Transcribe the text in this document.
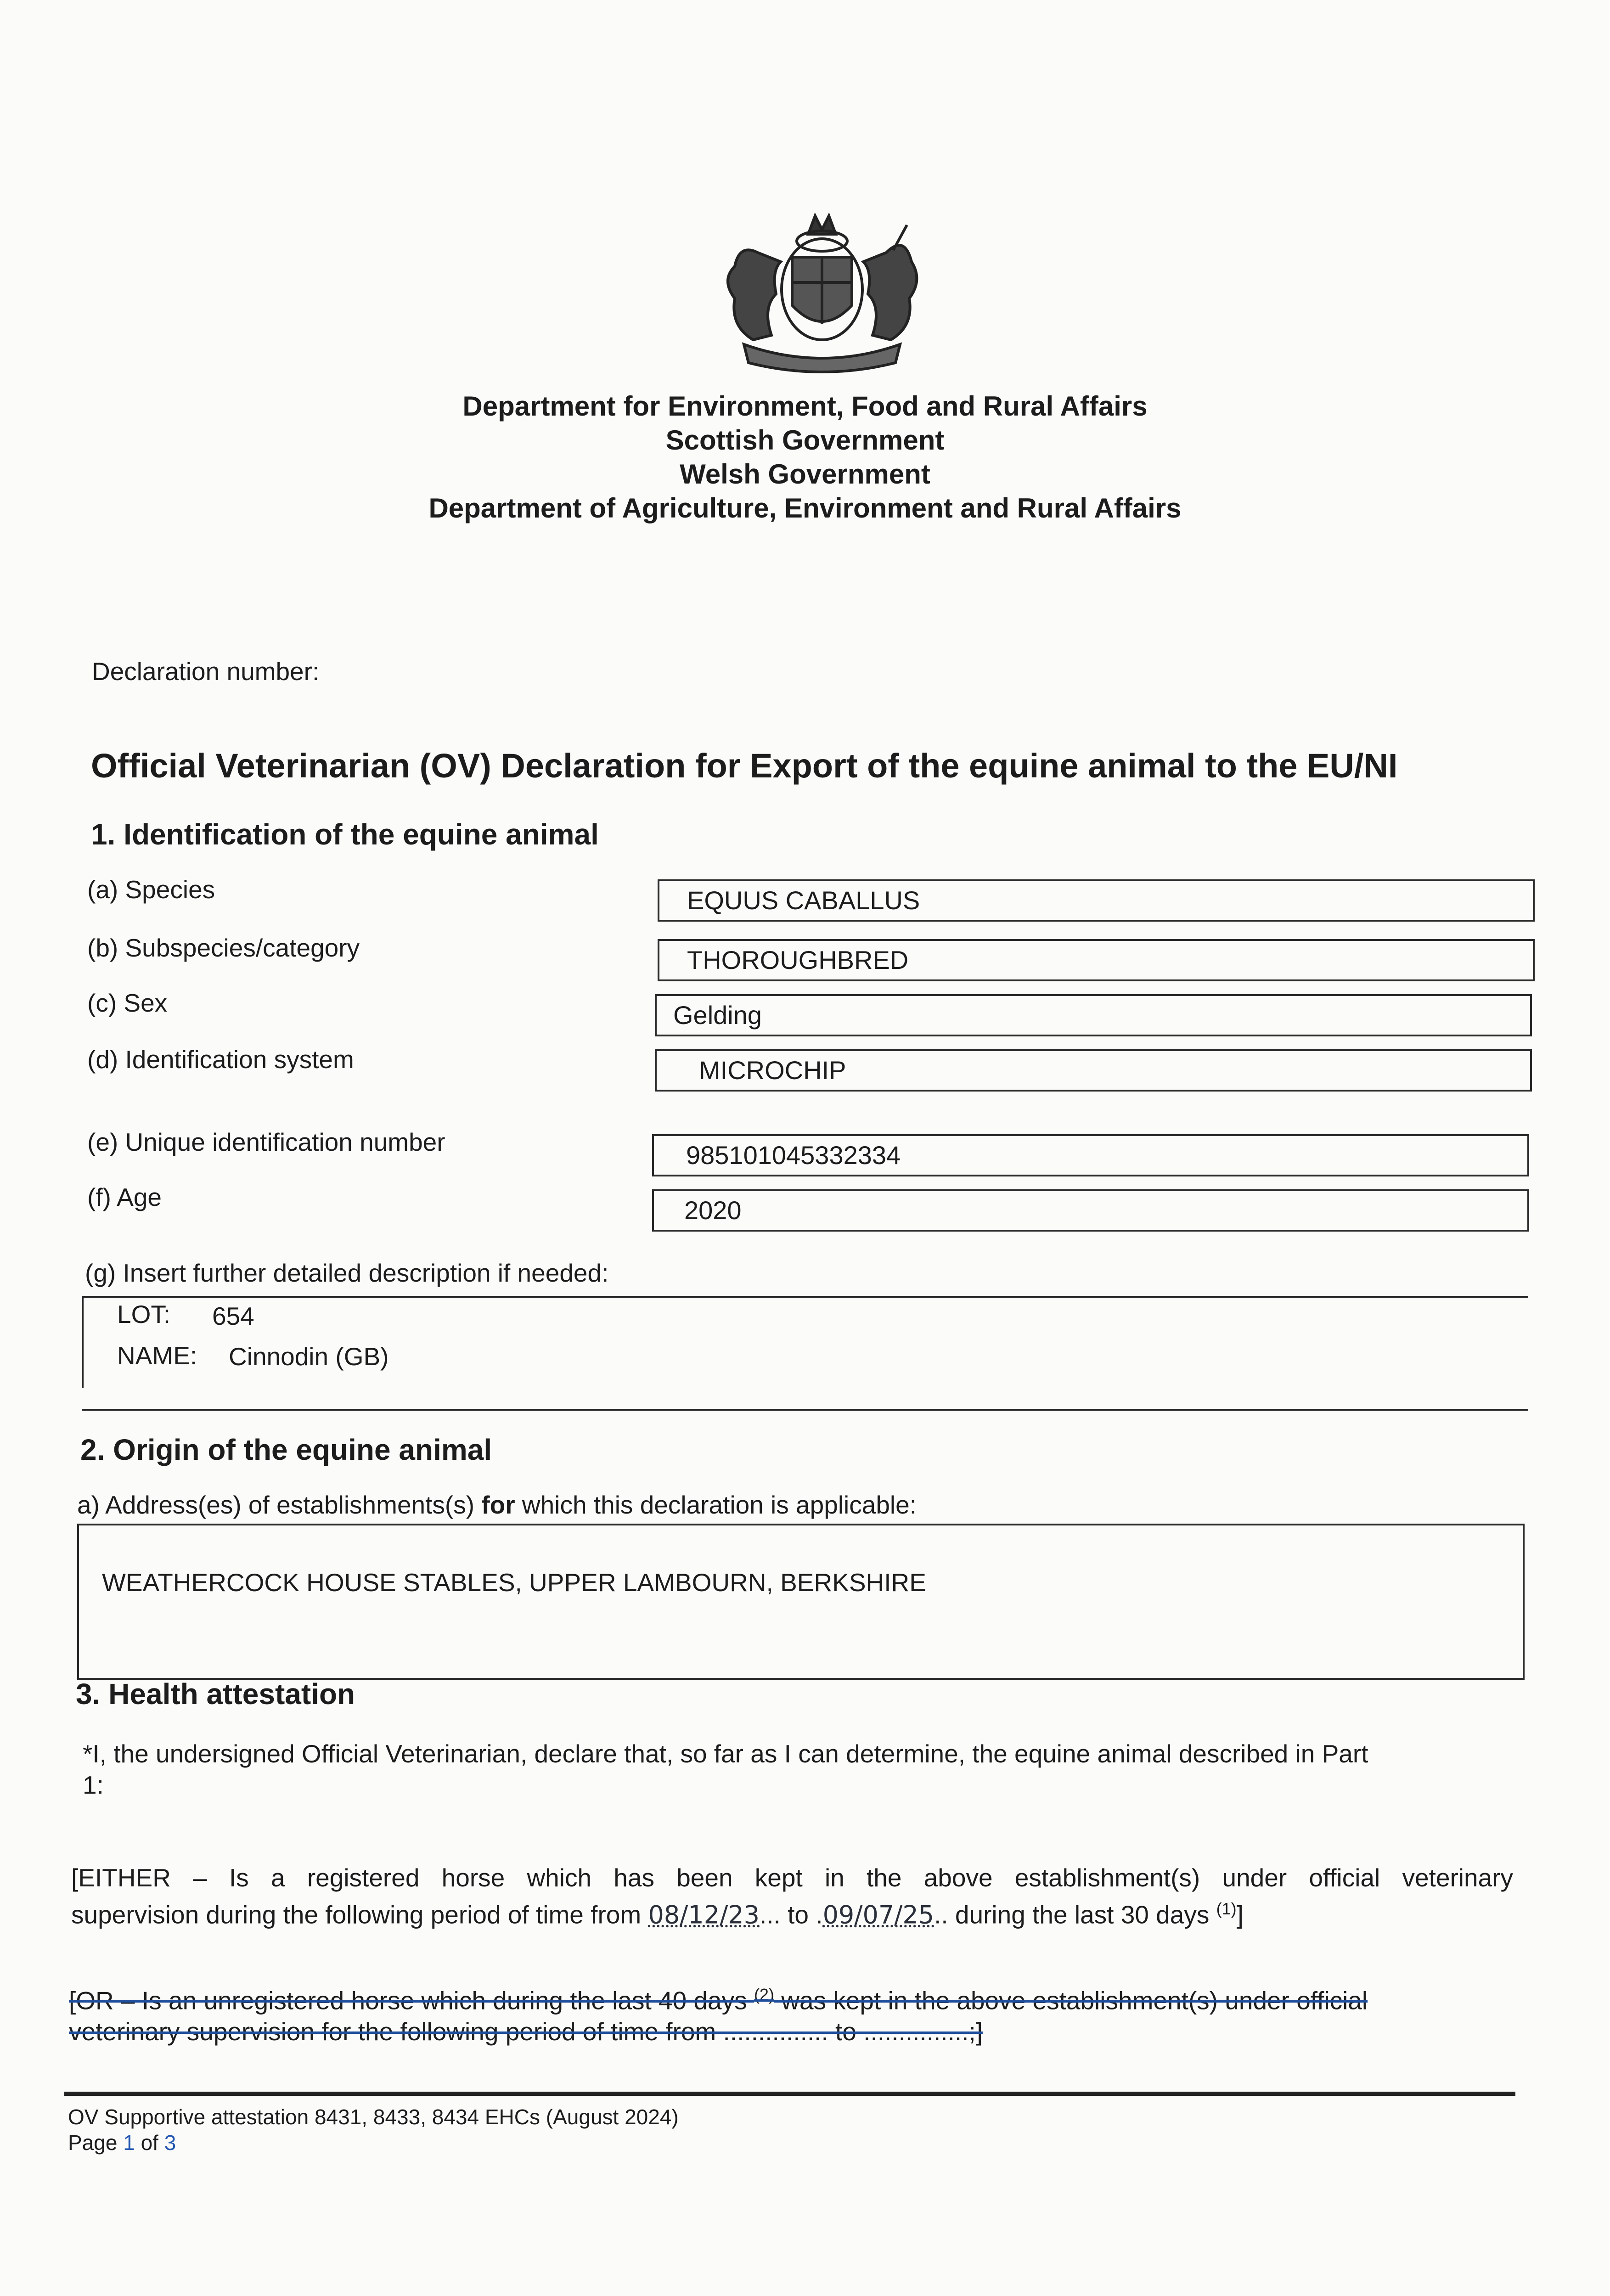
Department for Environment, Food and Rural Affairs
Scottish Government
Welsh Government
Department of Agriculture, Environment and Rural Affairs
Declaration number:
Official Veterinarian (OV) Declaration for Export of the equine animal to the EU/NI
1. Identification of the equine animal
(a) Species	EQUUS CABALLUS
(b) Subspecies/category	THOROUGHBRED
(c) Sex	Gelding
(d) Identification system	MICROCHIP
(e) Unique identification number	985101045332334
(f) Age	2020
(g) Insert further detailed description if needed:
LOT: 654
NAME: Cinnodin (GB)
2. Origin of the equine animal
a) Address(es) of establishments(s) for which this declaration is applicable:
WEATHERCOCK HOUSE STABLES, UPPER LAMBOURN, BERKSHIRE
3. Health attestation
*I, the undersigned Official Veterinarian, declare that, so far as I can determine, the equine animal described in Part
1:
[EITHER – Is a registered horse which has been kept in the above establishment(s) under official veterinary
supervision during the following period of time from 08/12/23... to .09/07/25.. during the last 30 days $^{(1)}$]
[OR – Is an unregistered horse which during the last 40 days $^{(2)}$ was kept in the above establishment(s) under official
veterinary supervision for the following period of time from ............... to ...............;]
OV Supportive attestation 8431, 8433, 8434 EHCs (August 2024)
Page 1 of 3
